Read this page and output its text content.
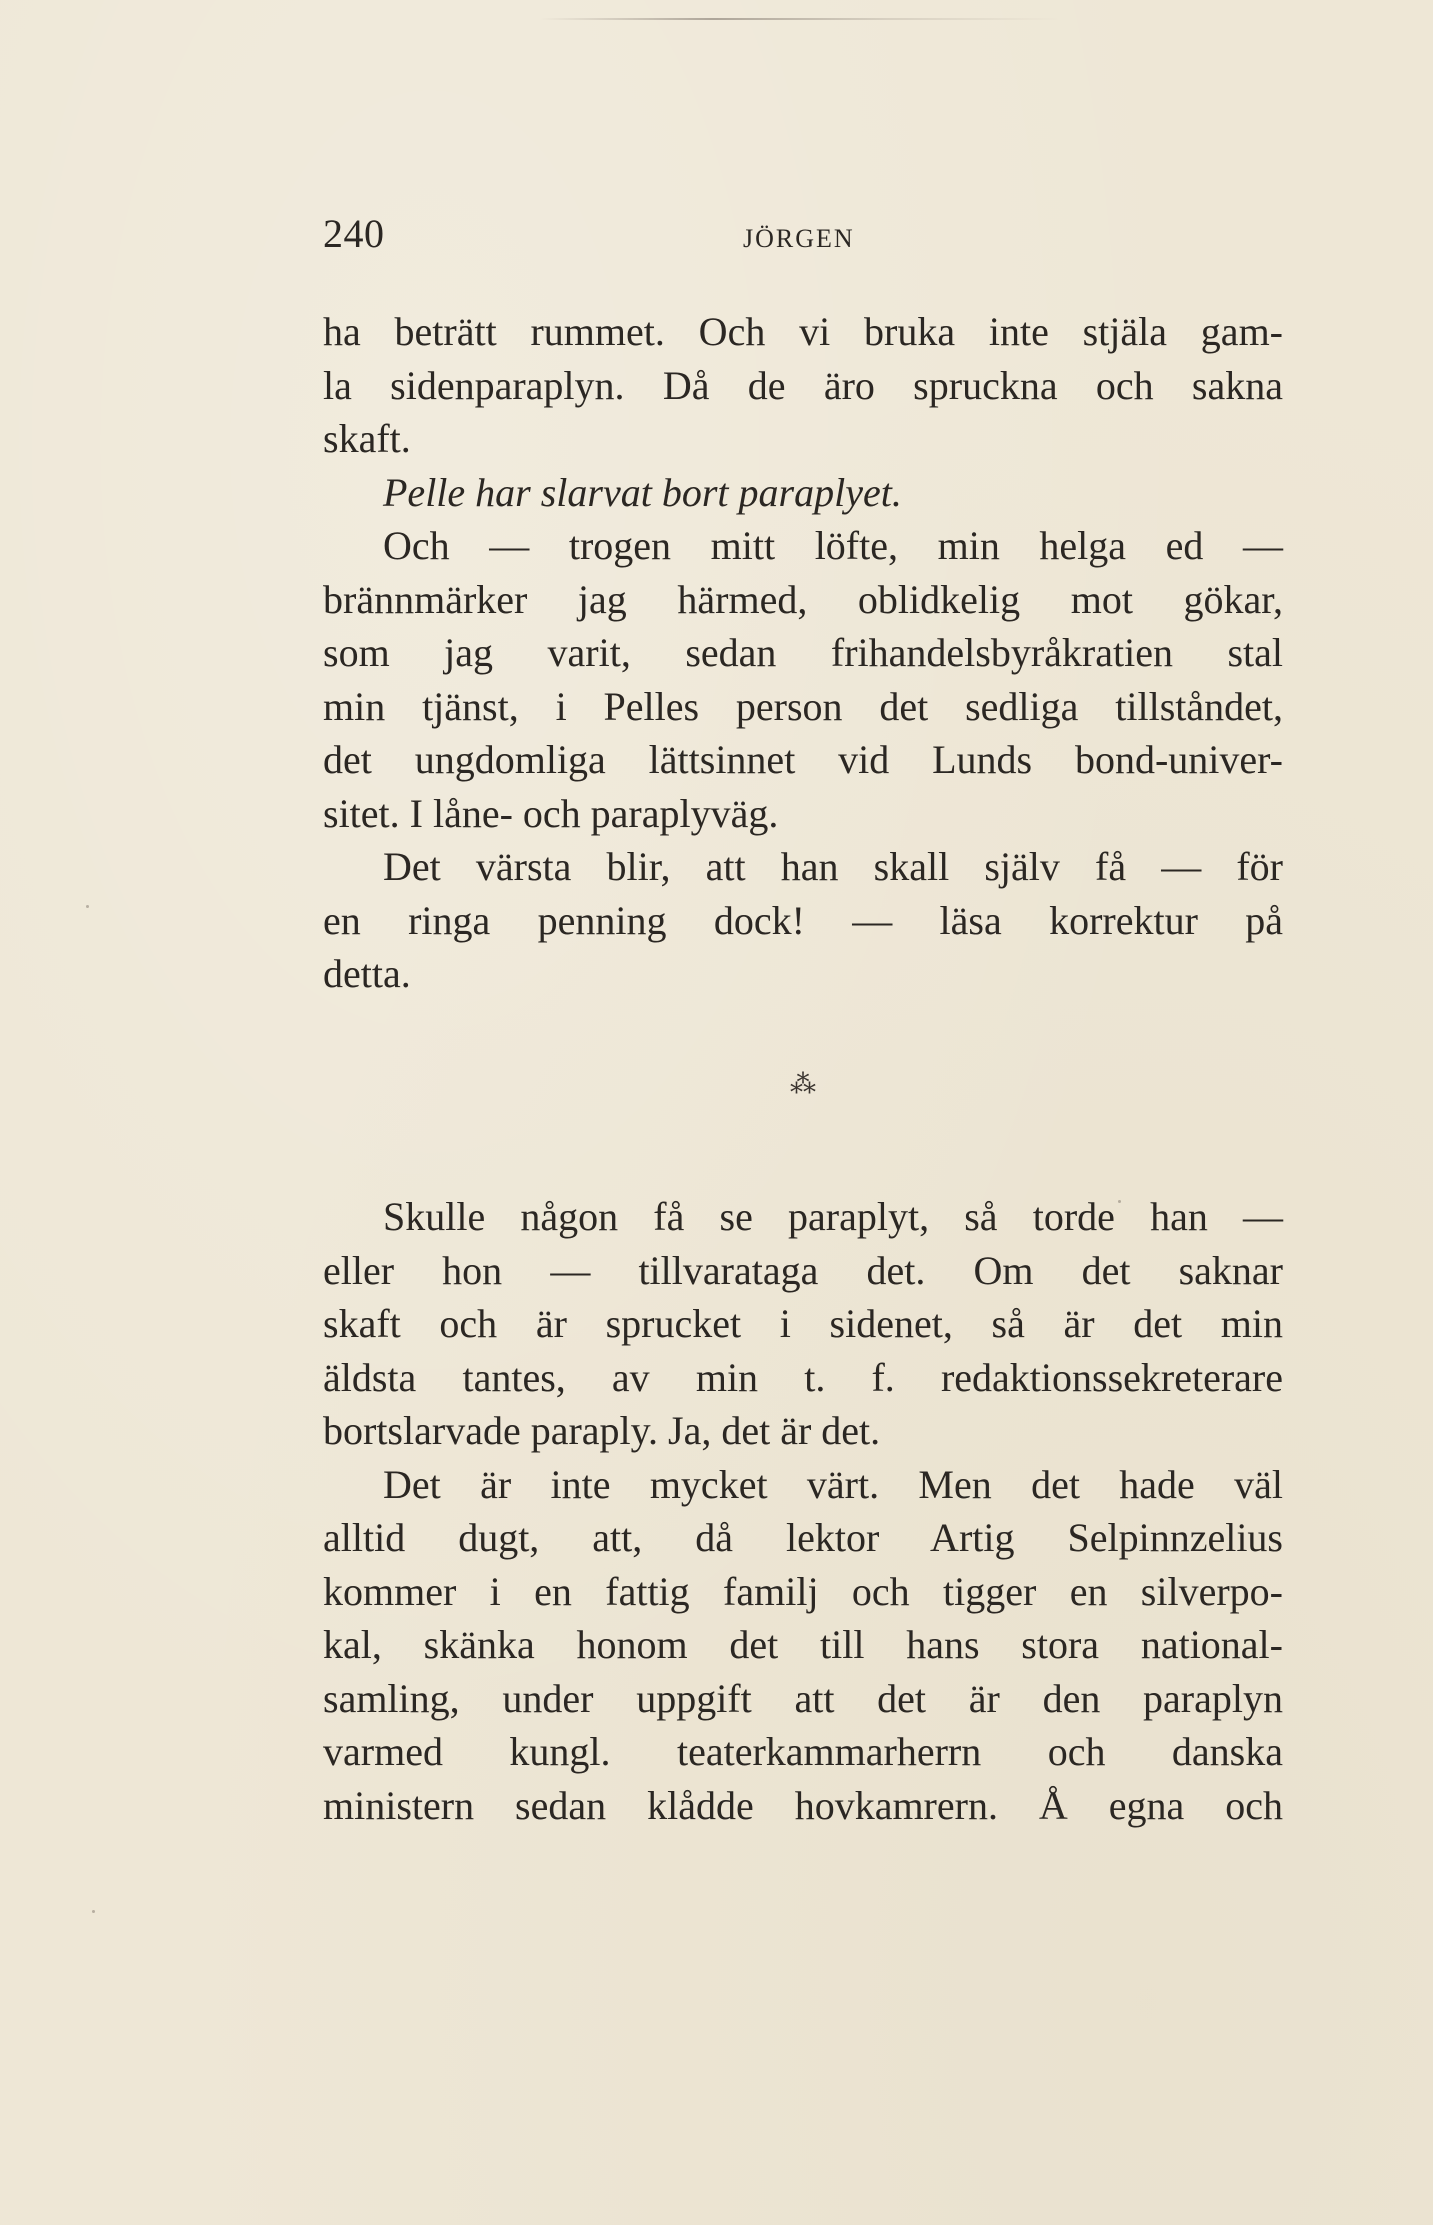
240	JÖRGEN
ha beträtt rummet. Och vi bruka inte stjäla gam-
la sidenparaplyn. Då de äro spruckna och sakna
skaft.
Pelle har slarvat bort paraplyet.
Och — trogen mitt löfte, min helga ed —
brännmärker jag härmed, oblidkelig mot gökar,
som jag varit, sedan frihandelsbyråkratien stal
min tjänst, i Pelles person det sedliga tillståndet,
det ungdomliga lättsinnet vid Lunds bond-univer-
sitet. I låne- och paraplyväg.
Det värsta blir, att han skall själv få — för
en ringa penning dock! — läsa korrektur på
detta.
⁂
Skulle någon få se paraplyt, så torde han —
eller hon — tillvarataga det. Om det saknar
skaft och är sprucket i sidenet, så är det min
äldsta tantes, av min t. f. redaktionssekreterare
bortslarvade paraply. Ja, det är det.
Det är inte mycket värt. Men det hade väl
alltid dugt, att, då lektor Artig Selpinnzelius
kommer i en fattig familj och tigger en silverpo-
kal, skänka honom det till hans stora national-
samling, under uppgift att det är den paraplyn
varmed kungl. teaterkammarherrn och danska
ministern sedan klådde hovkamrern. Å egna och
